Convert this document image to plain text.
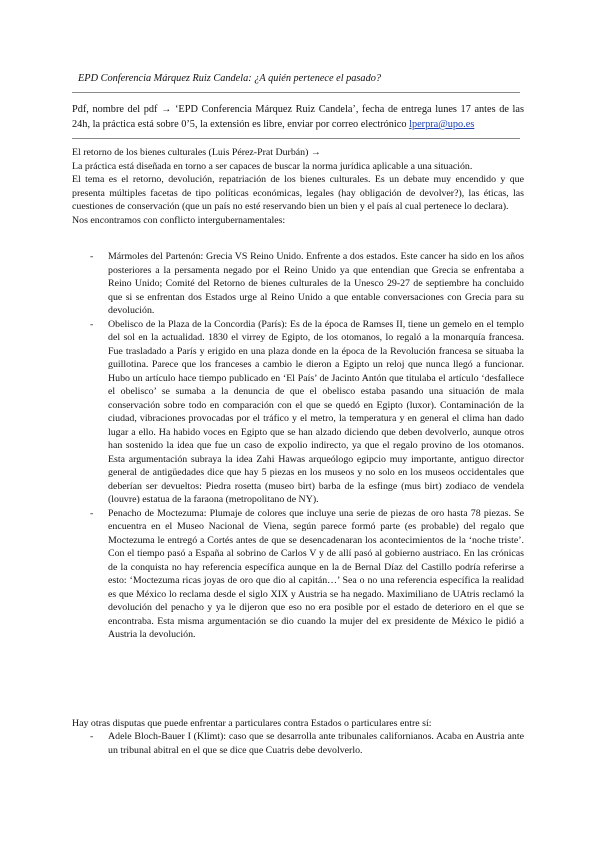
EPD Conferencia Márquez Ruiz Candela: ¿A quién pertenece el pasado?
Pdf, nombre del pdf → ‘EPD Conferencia Márquez Ruiz Candela’, fecha de entrega lunes 17 antes de las 24h, la práctica está sobre 0’5, la extensión es libre, enviar por correo electrónico lperpra@upo.es

El retorno de los bienes culturales (Luis Pérez-Prat Durbán) →

La práctica está diseñada en torno a ser capaces de buscar la norma jurídica aplicable a una situación.

El tema es el retorno, devolución, repatriación de los bienes culturales. Es un debate muy encendido y que presenta múltiples facetas de tipo políticas económicas, legales (hay obligación de devolver?), las éticas, las cuestiones de conservación (que un país no esté reservando bien un bien y el país al cual pertenece lo declara).

Nos encontramos con conflicto intergubernamentales:

- Mármoles del Partenón: Grecia VS Reino Unido. Enfrente a dos estados. Este cancer ha sido en los años posteriores a la persamenta negado por el Reino Unido ya que entendian que Grecia se enfrentaba a Reino Unido; Comité del Retorno de bienes culturales de la Unesco 29-27 de septiembre ha concluido que si se enfrentan dos Estados urge al Reino Unido a que entable conversaciones con Grecia para su devolución.
- Obelisco de la Plaza de la Concordia (París): Es de la época de Ramses II, tiene un gemelo en el templo del sol en la actualidad. 1830 el virrey de Egipto, de los otomanos, lo regaló a la monarquía francesa. Fue trasladado a París y erigido en una plaza donde en la época de la Revolución francesa se situaba la guillotina. Parece que los franceses a cambio le dieron a Egipto un reloj que nunca llegó a funcionar. Hubo un artículo hace tiempo publicado en ‘El País’ de Jacinto Antón que titulaba el artículo ‘desfallece el obelisco’ se sumaba a la denuncia de que el obelisco estaba pasando una situación de mala conservación sobre todo en comparación con el que se quedó en Egipto (luxor). Contaminación de la ciudad, vibraciones provocadas por el tráfico y el metro, la temperatura y en general el clima han dado lugar a ello. Ha habido voces en Egipto que se han alzado diciendo que deben devolverlo, aunque otros han sostenido la idea que fue un caso de expolio indirecto, ya que el regalo provino de los otomanos. Esta argumentación subraya la idea Zahi Hawas arqueólogo egipcio muy importante, antiguo director general de antigüedades dice que hay 5 piezas en los museos y no solo en los museos occidentales que deberían ser devueltos: Piedra rosetta (museo birt) barba de la esfinge (mus birt) zodiaco de vendela (louvre) estatua de la faraona (metropolitano de NY).
- Penacho de Moctezuma: Plumaje de colores que incluye una serie de piezas de oro hasta 78 piezas. Se encuentra en el Museo Nacional de Viena, según parece formó parte (es probable) del regalo que Moctezuma le entregó a Cortés antes de que se desencadenaran los acontecimientos de la ‘noche triste’. Con el tiempo pasó a España al sobrino de Carlos V y de allí pasó al gobierno austriaco. En las crónicas de la conquista no hay referencia específica aunque en la de Bernal Díaz del Castillo podría referirse a esto: ‘Moctezuma ricas joyas de oro que dio al capitán…’ Sea o no una referencia específica la realidad es que México lo reclama desde el siglo XIX y Austria se ha negado. Maximiliano de UAtris reclamó la devolución del penacho y ya le dijeron que eso no era posible por el estado de deterioro en el que se encontraba. Esta misma argumentación se dio cuando la mujer del ex presidente de México le pidió a Austria la devolución.

Hay otras disputas que puede enfrentar a particulares contra Estados o particulares entre sí:

- Adele Bloch-Bauer I (Klimt): caso que se desarrolla ante tribunales californianos. Acaba en Austria ante un tribunal abitral en el que se dice que Cuatris debe devolverlo.
